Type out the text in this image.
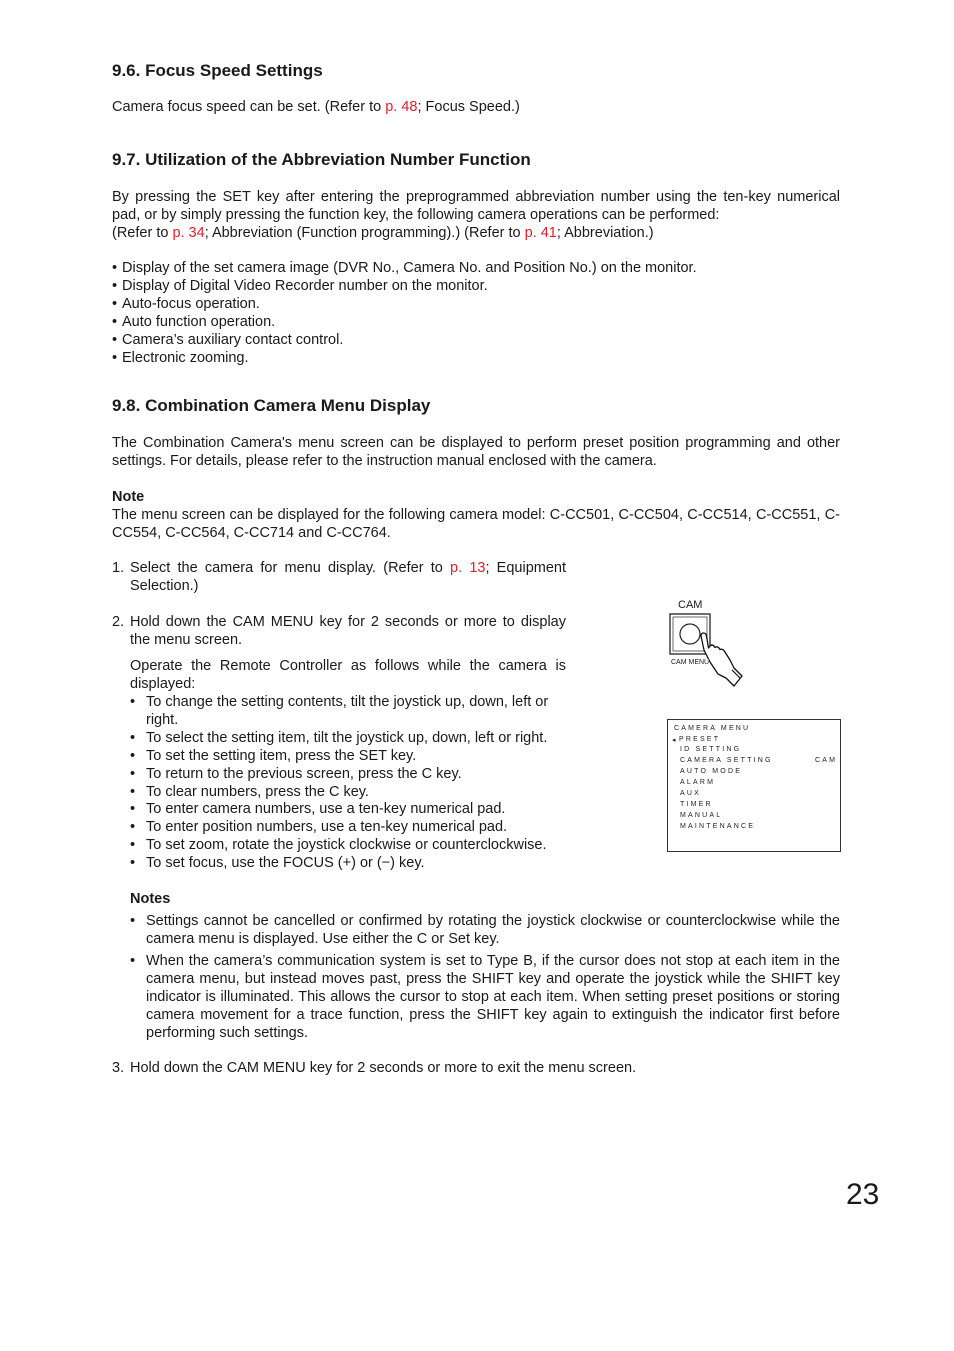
9.6. Focus Speed Settings

Camera focus speed can be set. (Refer to p. 48; Focus Speed.)

9.7. Utilization of the Abbreviation Number Function

By pressing the SET key after entering the preprogrammed abbreviation number using the ten-key numerical pad, or by simply pressing the function key, the following camera operations can be performed:

(Refer to p. 34; Abbreviation (Function programming).) (Refer to p. 41; Abbreviation.)

• Display of the set camera image (DVR No., Camera No. and Position No.) on the monitor.
• Display of Digital Video Recorder number on the monitor.
• Auto-focus operation.
• Auto function operation.
• Camera’s auxiliary contact control.
• Electronic zooming.
9.8. Combination Camera Menu Display

The Combination Camera's menu screen can be displayed to perform preset position programming and other settings. For details, please refer to the instruction manual enclosed with the camera.

Note

The menu screen can be displayed for the following camera model: C-CC501, C-CC504, C-CC514, C-CC551, C-CC554, C-CC564, C-CC714 and C-CC764.

1. Select the camera for menu display. (Refer to p. 13; Equipment Selection.)

2. Hold down the CAM MENU key for 2 seconds or more to display the menu screen.

Operate the Remote Controller as follows while the camera is displayed:

• To change the setting contents, tilt the joystick up, down, left or right.
• To select the setting item, tilt the joystick up, down, left or right.
• To set the setting item, press the SET key.
• To return to the previous screen, press the C key.
• To clear numbers, press the C key.
• To enter camera numbers, use a ten-key numerical pad.
• To enter position numbers, use a ten-key numerical pad.
• To set zoom, rotate the joystick clockwise or counterclockwise.
• To set focus, use the FOCUS (+) or (−) key.

Notes

• Settings cannot be cancelled or confirmed by rotating the joystick clockwise or counterclockwise while the camera menu is displayed. Use either the C or Set key.
• When the camera’s communication system is set to Type B, if the cursor does not stop at each item in the camera menu, but instead moves past, press the SHIFT key and operate the joystick while the SHIFT key indicator is illuminated. This allows the cursor to stop at each item. When setting preset positions or storing camera movement for a trace function, press the SHIFT key again to extinguish the indicator first before performing such settings.
3. Hold down the CAM MENU key for 2 seconds or more to exit the menu screen.

CAM
CAM MENU
CAMERA MENU
◂ PRESET
ID SETTING
CAMERA SETTING	CAM
AUTO MODE
ALARM
AUX
TIMER
MANUAL
MAINTENANCE
23
